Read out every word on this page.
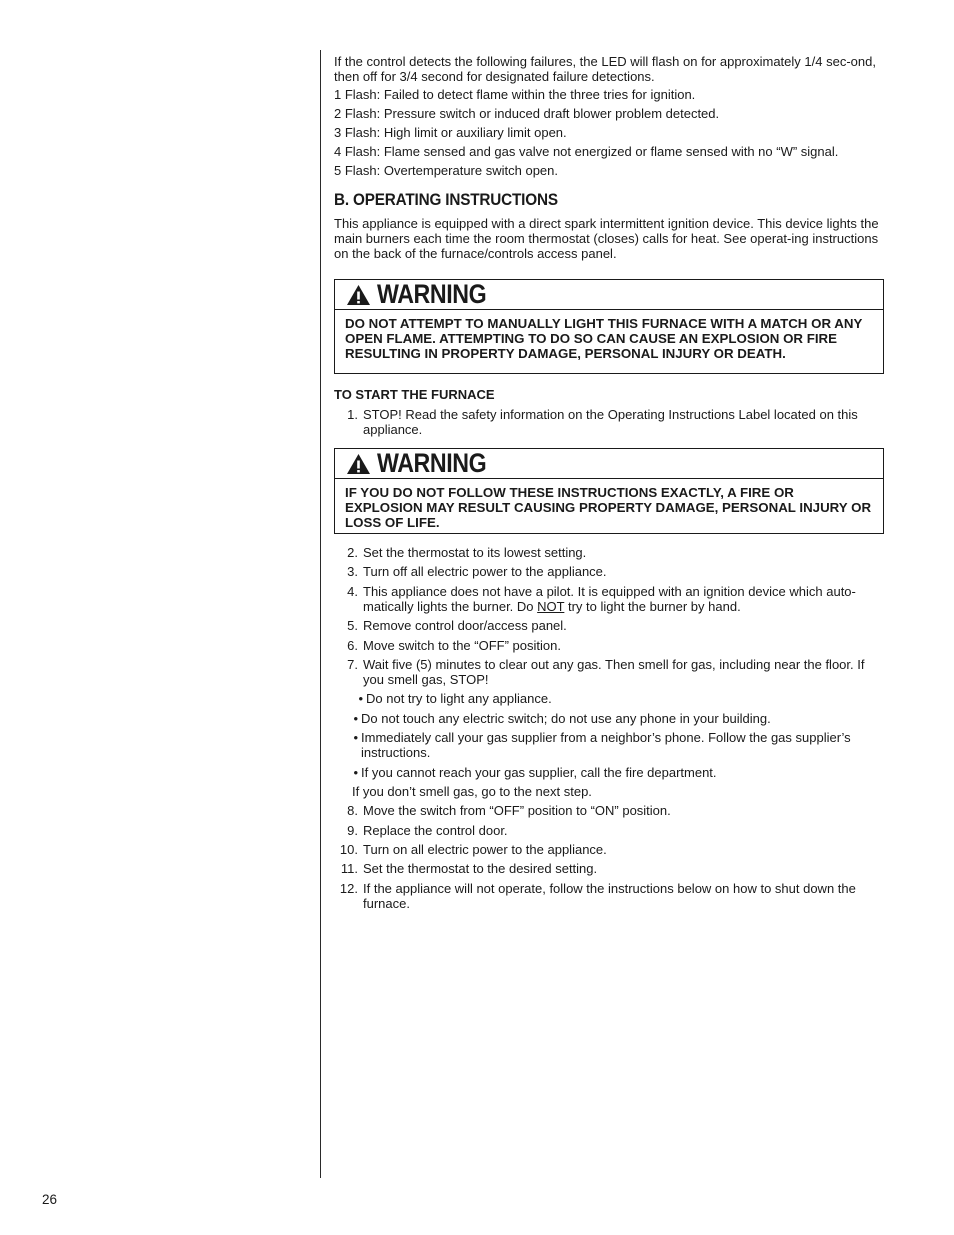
If the control detects the following failures, the LED will flash on for approximately 1/4 sec-ond, then off for 3/4 second for designated failure detections.
1 Flash: Failed to detect flame within the three tries for ignition.
2 Flash: Pressure switch or induced draft blower problem detected.
3 Flash: High limit or auxiliary limit open.
4 Flash: Flame sensed and gas valve not energized or flame sensed with no “W” signal.
5 Flash: Overtemperature switch open.
B. OPERATING INSTRUCTIONS
This appliance is equipped with a direct spark intermittent ignition device. This device lights the main burners each time the room thermostat (closes) calls for heat. See operat-ing instructions on the back of the furnace/controls access panel.
WARNING
DO NOT ATTEMPT TO MANUALLY LIGHT THIS FURNACE WITH A MATCH OR ANY OPEN FLAME. ATTEMPTING TO DO SO CAN CAUSE AN EXPLOSION OR FIRE RESULTING IN PROPERTY DAMAGE, PERSONAL INJURY OR DEATH.
TO START THE FURNACE
1. STOP! Read the safety information on the Operating Instructions Label located on this appliance.
WARNING
IF YOU DO NOT FOLLOW THESE INSTRUCTIONS EXACTLY, A FIRE OR EXPLOSION MAY RESULT CAUSING PROPERTY DAMAGE, PERSONAL INJURY OR LOSS OF LIFE.
2. Set the thermostat to its lowest setting.
3. Turn off all electric power to the appliance.
4. This appliance does not have a pilot. It is equipped with an ignition device which auto-matically lights the burner. Do NOT try to light the burner by hand.
5. Remove control door/access panel.
6. Move switch to the “OFF” position.
7. Wait five (5) minutes to clear out any gas. Then smell for gas, including near the floor. If you smell gas, STOP!
• Do not try to light any appliance.
• Do not touch any electric switch; do not use any phone in your building.
• Immediately call your gas supplier from a neighbor’s phone. Follow the gas supplier’s instructions.
• If you cannot reach your gas supplier, call the fire department.
If you don’t smell gas, go to the next step.
8. Move the switch from “OFF” position to “ON” position.
9. Replace the control door.
10. Turn on all electric power to the appliance.
11. Set the thermostat to the desired setting.
12. If the appliance will not operate, follow the instructions below on how to shut down the furnace.
26
